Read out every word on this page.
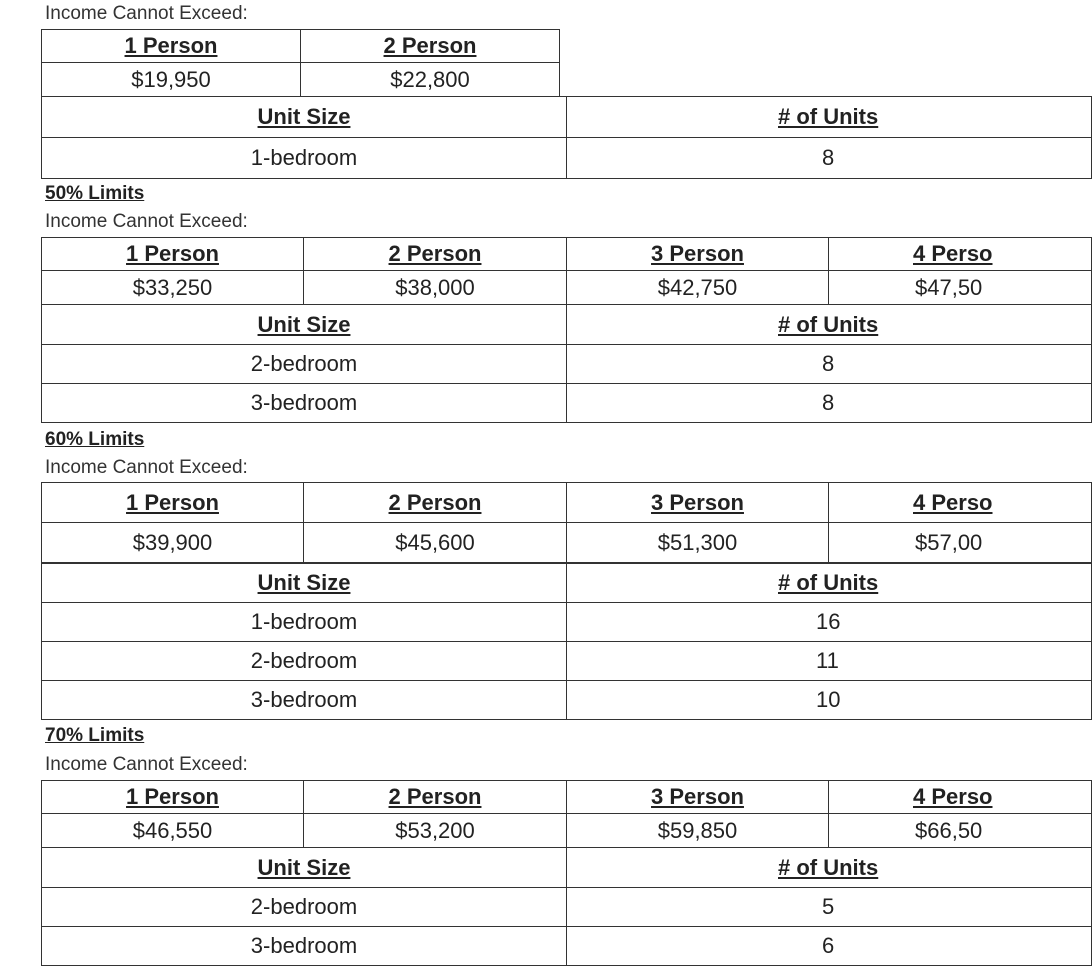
Income Cannot Exceed:
1 Person	2 Person
$19,950	$22,800
Unit Size	# of Units
1-bedroom	8
50% Limits
Income Cannot Exceed:
1 Person	2 Person	3 Person	4 Perso
$33,250	$38,000	$42,750	$47,50
Unit Size	# of Units
2-bedroom	8
3-bedroom	8
60% Limits
Income Cannot Exceed:
1 Person	2 Person	3 Person	4 Perso
$39,900	$45,600	$51,300	$57,00
Unit Size	# of Units
1-bedroom	16
2-bedroom	11
3-bedroom	10
70% Limits
Income Cannot Exceed:
1 Person	2 Person	3 Person	4 Perso
$46,550	$53,200	$59,850	$66,50
Unit Size	# of Units
2-bedroom	5
3-bedroom	6
